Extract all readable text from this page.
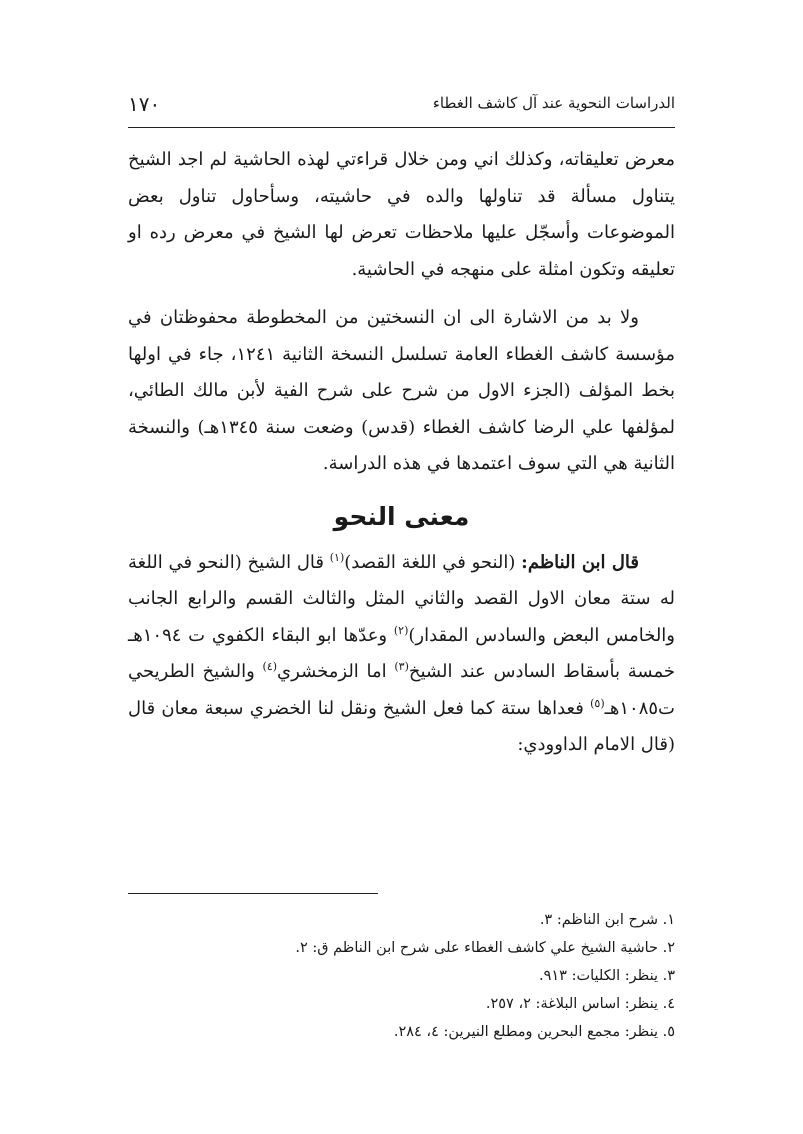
الدراسات النحوية عند آل كاشف الغطاء
١٧٠

معرض تعليقاته، وكذلك اني ومن خلال قراءتي لهذه الحاشية لم اجد الشيخ يتناول مسألة قد تناولها والده في حاشيته، وسأحاول تناول بعض الموضوعات وأسجّل عليها ملاحظات تعرض لها الشيخ في معرض رده او تعليقه وتكون امثلة على منهجه في الحاشية.

ولا بد من الاشارة الى ان النسختين من المخطوطة محفوظتان في مؤسسة كاشف الغطاء العامة تسلسل النسخة الثانية ١٢٤١، جاء في اولها بخط المؤلف (الجزء الاول من شرح على شرح الفية لأبن مالك الطائي، لمؤلفها علي الرضا كاشف الغطاء (قدس) وضعت سنة ١٣٤٥هـ) والنسخة الثانية هي التي سوف اعتمدها في هذه الدراسة.

معنى النحو

قال ابن الناظم: (النحو في اللغة القصد)$^{(١)}$ قال الشيخ (النحو في اللغة له ستة معان الاول القصد والثاني المثل والثالث القسم والرابع الجانب والخامس البعض والسادس المقدار)$^{(٢)}$ وعدّها ابو البقاء الكفوي ت ١٠٩٤هـ خمسة بأسقاط السادس عند الشيخ$^{(٣)}$ اما الزمخشري$^{(٤)}$ والشيخ الطريحي ت١٠٨٥هـ$^{(٥)}$ فعداها ستة كما فعل الشيخ ونقل لنا الخضري سبعة معان قال (قال الامام الداوودي:

١. شرح ابن الناظم: ٣.
٢. حاشية الشيخ علي كاشف الغطاء على شرح ابن الناظم ق: ٢.
٣. ينظر: الكليات: ٩١٣.
٤. ينظر: اساس البلاغة: ٢، ٢٥٧.
٥. ينظر: مجمع البحرين ومطلع النيرين: ٤، ٢٨٤.
